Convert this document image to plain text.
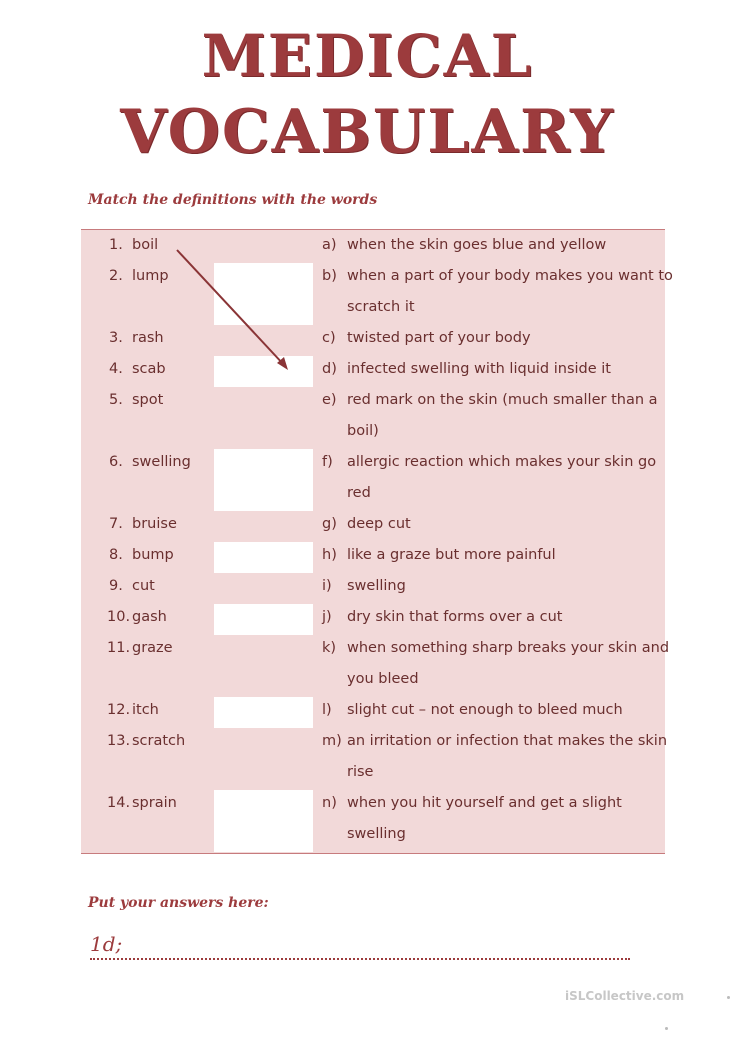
MEDICAL
VOCABULARY
Match the definitions with the words
1. boil
2. lump
3. rash
4. scab
5. spot
6. swelling
7. bruise
8. bump
9. cut
10. gash
11. graze
12. itch
13. scratch
14. sprain
a) when the skin goes blue and yellow
b) when a part of your body makes you want to
scratch it
c) twisted part of your body
d) infected swelling with liquid inside it
e) red mark on the skin (much smaller than a
boil)
f) allergic reaction which makes your skin go
red
g) deep cut
h) like a graze but more painful
i) swelling
j) dry skin that forms over a cut
k) when something sharp breaks your skin and
you bleed
l) slight cut – not enough to bleed much
m) an irritation or infection that makes the skin
rise
n) when you hit yourself and get a slight
swelling
Put your answers here:
1d;
iSLCollective.com
